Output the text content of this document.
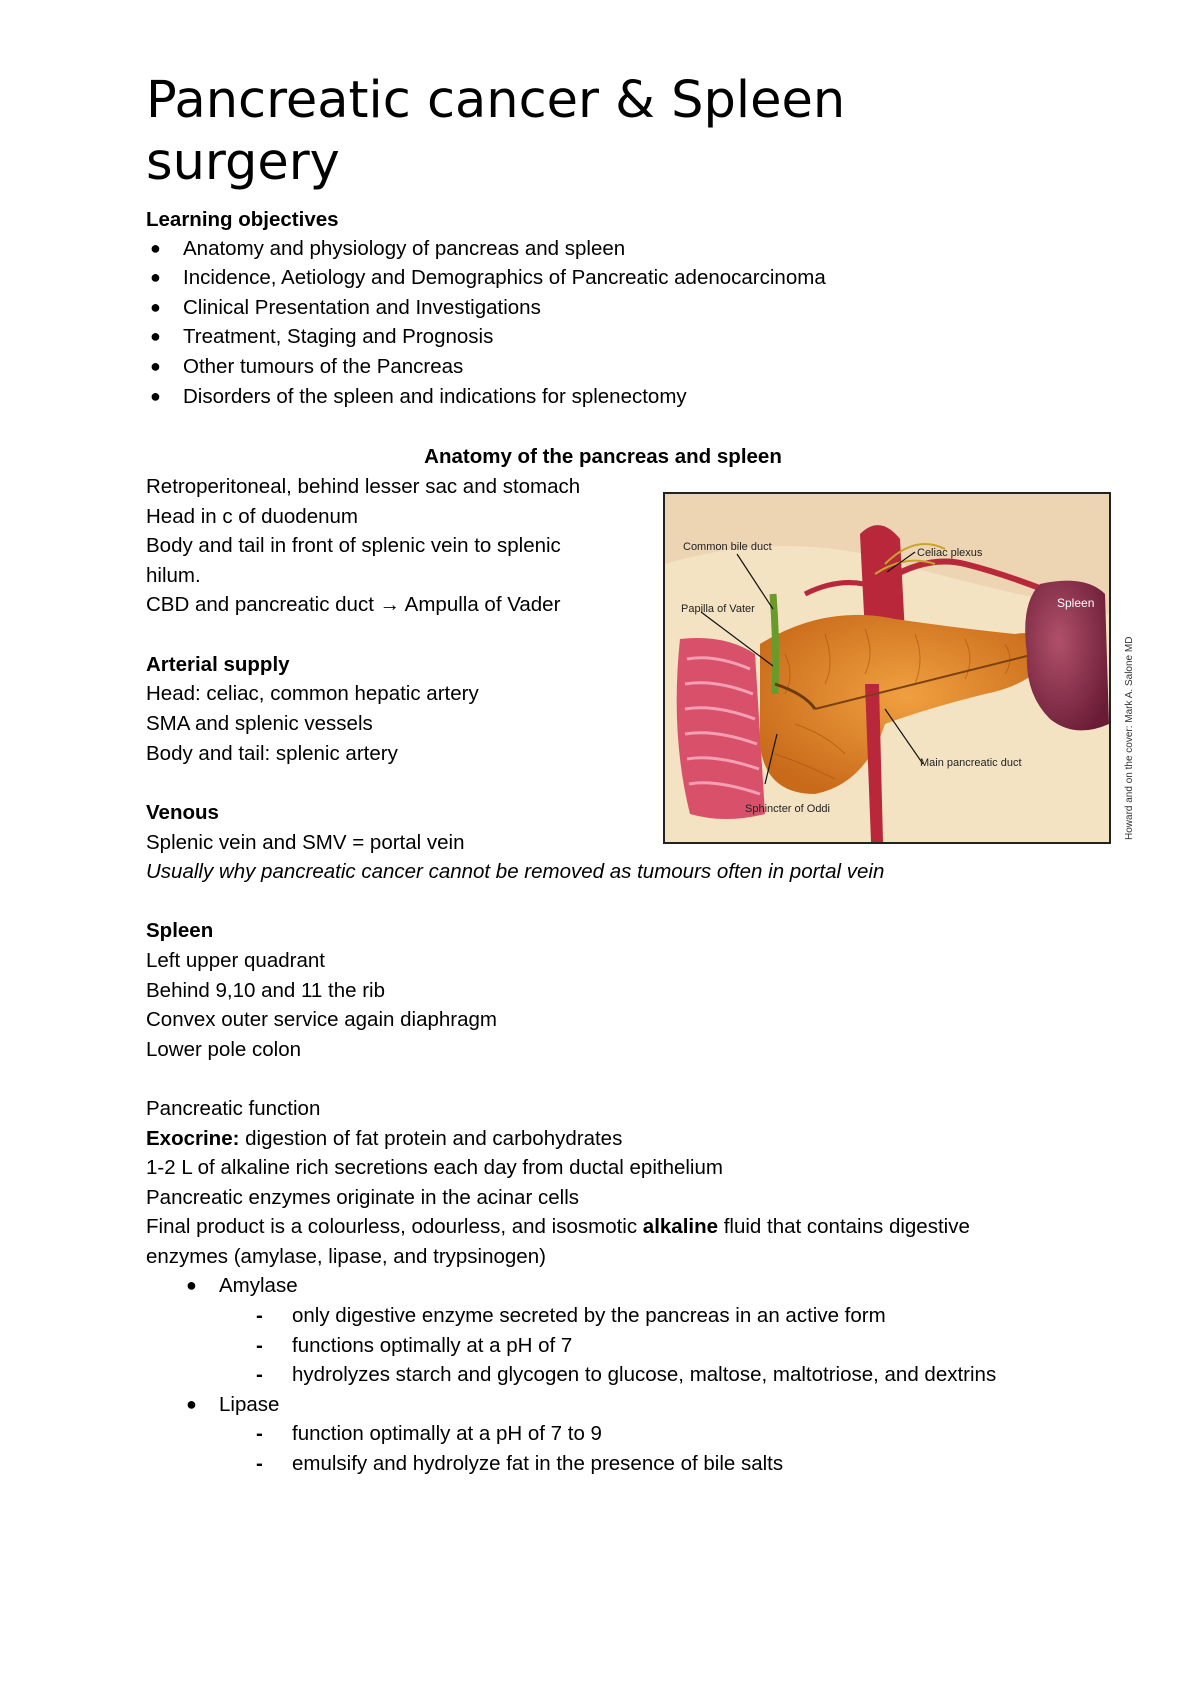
Pancreatic cancer & Spleen surgery
Learning objectives
● Anatomy and physiology of pancreas and spleen
● Incidence, Aetiology and Demographics of Pancreatic adenocarcinoma
● Clinical Presentation and Investigations
● Treatment, Staging and Prognosis
● Other tumours of the Pancreas
● Disorders of the spleen and indications for splenectomy
Anatomy of the pancreas and spleen
Retroperitoneal, behind lesser sac and stomach
Head in c of duodenum
Body and tail in front of splenic vein to splenic
hilum.
CBD and pancreatic duct → Ampulla of Vader
Arterial supply
Head: celiac, common hepatic artery
SMA and splenic vessels
Body and tail: splenic artery
Venous
Splenic vein and SMV = portal vein
Usually why pancreatic cancer cannot be removed as tumours often in portal vein
Spleen
Left upper quadrant
Behind 9,10 and 11 the rib
Convex outer service again diaphragm
Lower pole colon
Pancreatic function
Exocrine: digestion of fat protein and carbohydrates
1-2 L of alkaline rich secretions each day from ductal epithelium
Pancreatic enzymes originate in the acinar cells
Final product is a colourless, odourless, and isosmotic alkaline fluid that contains digestive
enzymes (amylase, lipase, and trypsinogen)
● Amylase
- only digestive enzyme secreted by the pancreas in an active form
- functions optimally at a pH of 7
- hydrolyzes starch and glycogen to glucose, maltose, maltotriose, and dextrins
● Lipase
- function optimally at a pH of 7 to 9
- emulsify and hydrolyze fat in the presence of bile salts
Common bile duct	Celiac plexus
Papilla of Vater	Spleen
Main pancreatic duct
Sphincter of Oddi	Howard and on the cover: Mark A. Salone MD
